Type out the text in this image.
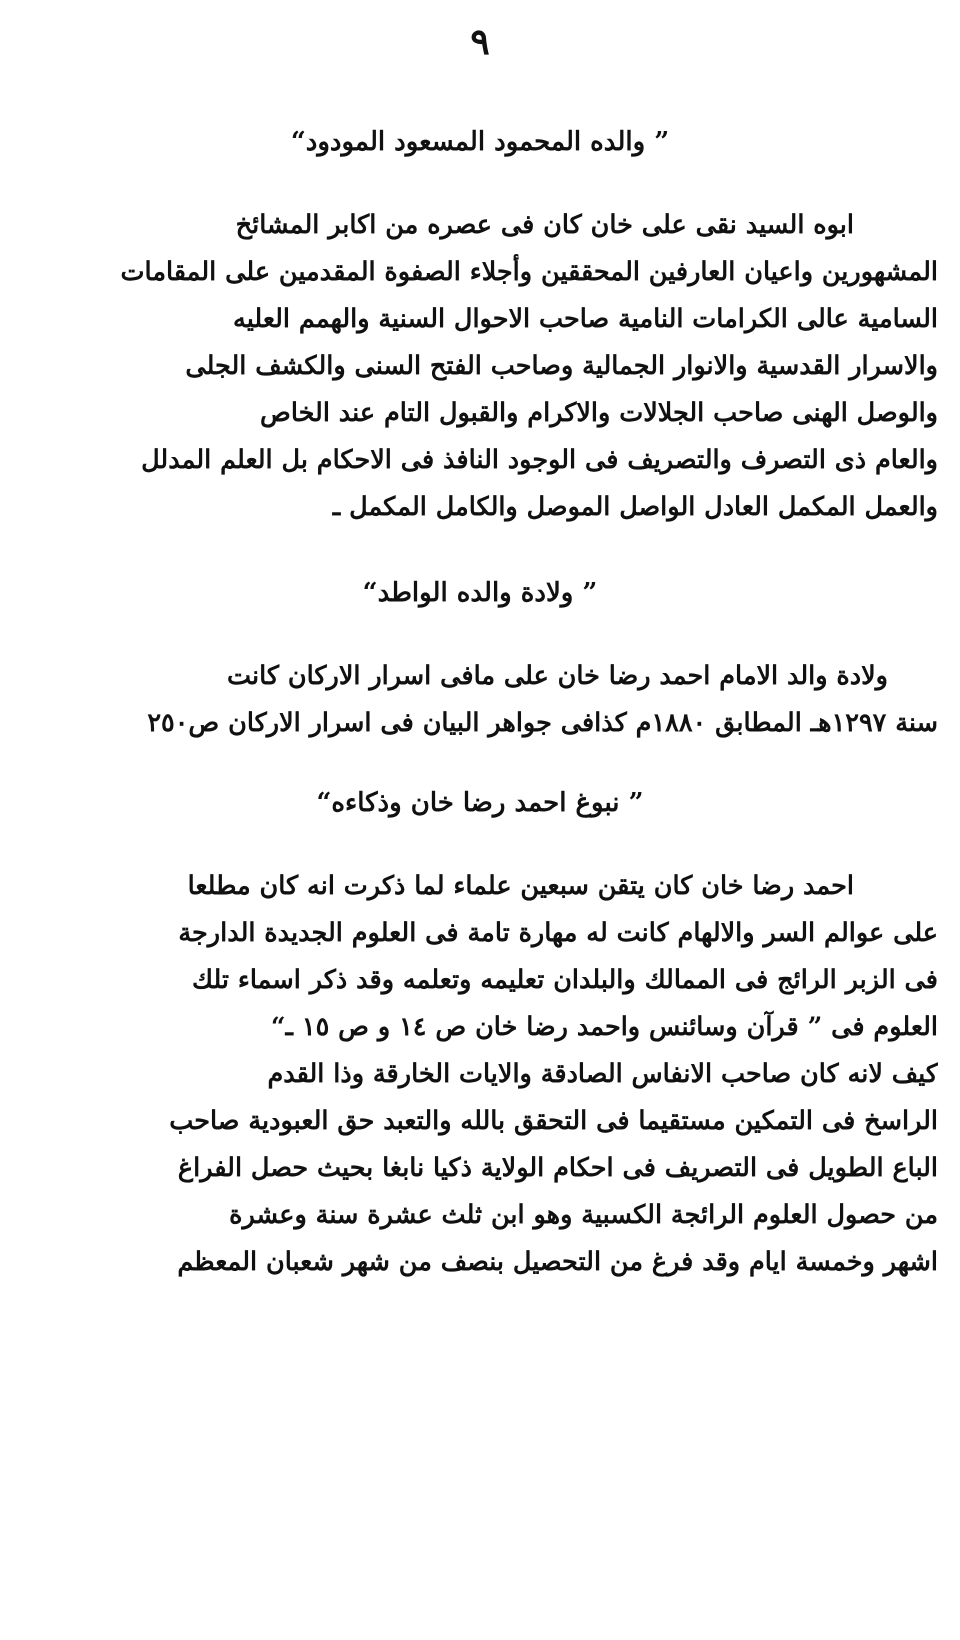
٩
” والده المحمود المسعود المودود“
ابوه السيد نقى على خان كان فى عصره من اكابر المشائخ
المشهورين واعيان العارفين المحققين وأجلاء الصفوة المقدمين على المقامات
السامية عالى الكرامات النامية صاحب الاحوال السنية والهمم العليه
والاسرار القدسية والانوار الجمالية وصاحب الفتح السنى والكشف الجلى
والوصل الهنى صاحب الجلالات والاكرام والقبول التام عند الخاص
والعام ذى التصرف والتصريف فى الوجود النافذ فى الاحكام بل العلم المدلل
والعمل المكمل العادل الواصل الموصل والكامل المكمل ـ
” ولادة والده الواطد“
ولادة والد الامام احمد رضا خان على مافى اسرار الاركان كانت
سنة ١٢٩٧هـ المطابق ١٨٨٠م كذافى جواهر البيان فى اسرار الاركان ص٢٥٠
” نبوغ احمد رضا خان وذكاءه“
احمد رضا خان كان يتقن سبعين علماء لما ذكرت انه كان مطلعا
على عوالم السر والالهام كانت له مهارة تامة فى العلوم الجديدة الدارجة
فى الزبر الرائج فى الممالك والبلدان تعليمه وتعلمه وقد ذكر اسماء تلك
العلوم فى ” قرآن وسائنس واحمد رضا خان ص ١٤ و ص ١٥ ـ“
كيف لانه كان صاحب الانفاس الصادقة والايات الخارقة وذا القدم
الراسخ فى التمكين مستقيما فى التحقق بالله والتعبد حق العبودية صاحب
الباع الطويل فى التصريف فى احكام الولاية ذكيا نابغا بحيث حصل الفراغ
من حصول العلوم الرائجة الكسبية وهو ابن ثلث عشرة سنة وعشرة
اشهر وخمسة ايام وقد فرغ من التحصيل بنصف من شهر شعبان المعظم
